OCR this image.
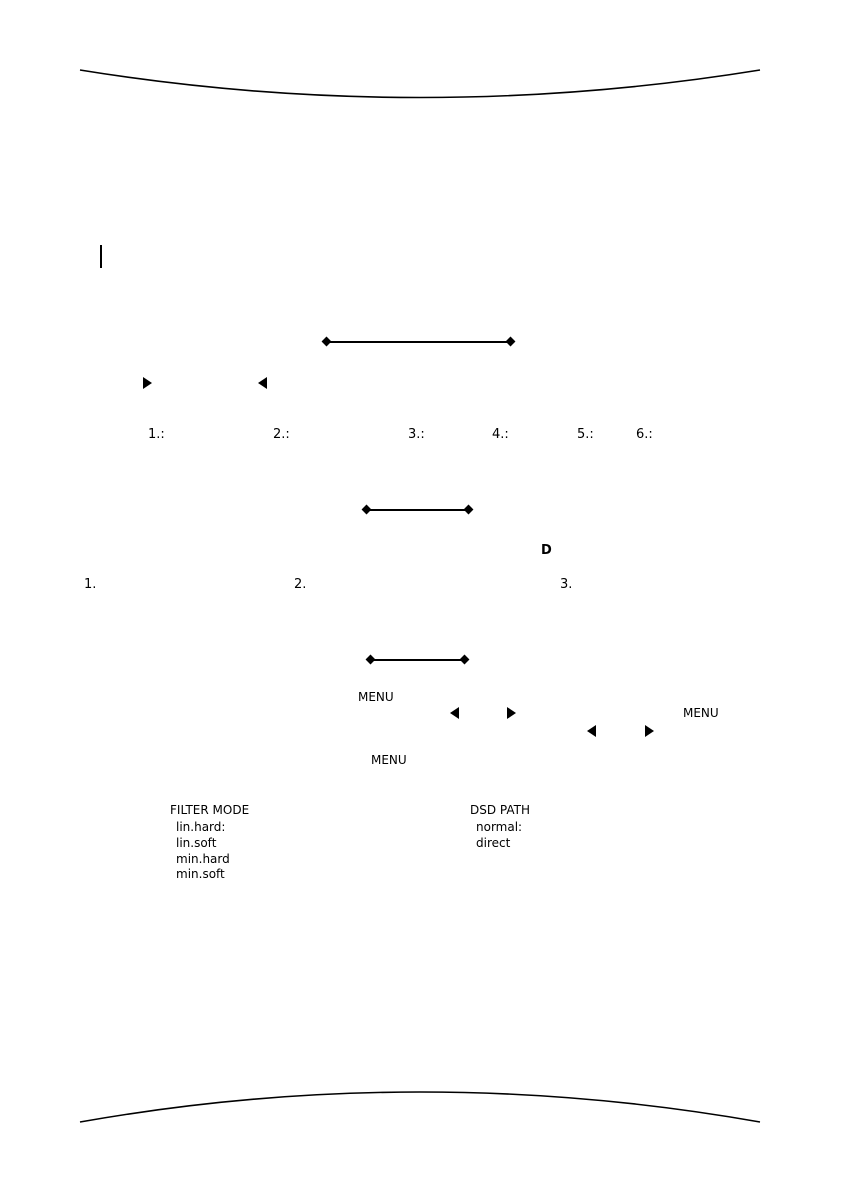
1.:	2.:	3.:	4.:	5.:	6.:
D
1.	2.	3.
MENU
MENU
MENU
FILTER MODE
lin.hard:
lin.soft
min.hard
min.soft
DSD PATH
normal:
direct
